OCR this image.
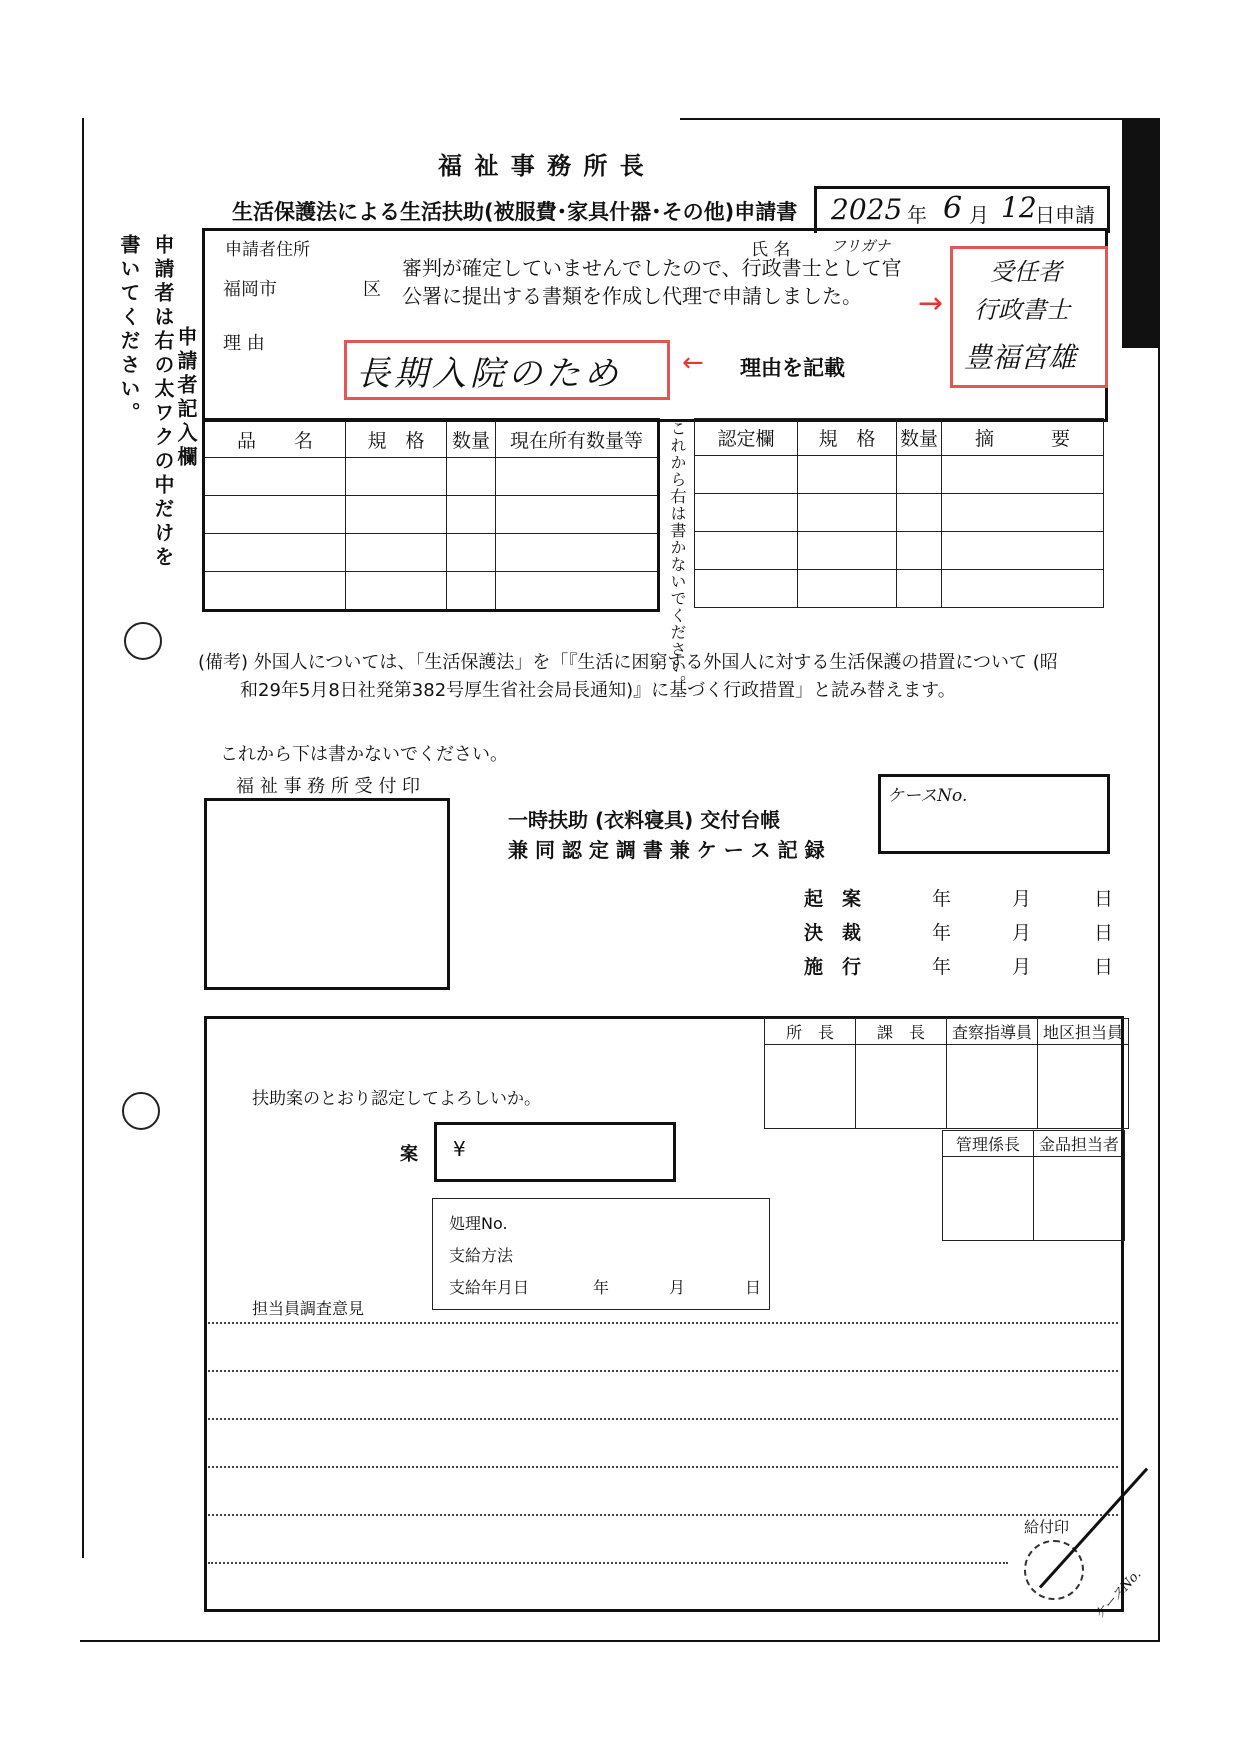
福 祉 事 務 所 長
生活保護法による生活扶助(被服費･家具什器･その他)申請書 2025 年 6 月 12
日申請
申請者は右の太ワクの中だけを書いてください。	申請者記入欄
申請者住所
福岡市	区
氏 名	フリガナ
理 由
審判が確定していませんでしたので、行政書士として官公署に提出する書類を作成し代理で申請しました。	→
長期入院のため ← 理由を記載
受任者
行政書士
豊福宮雄
品　　名	規　格	数量	現在所有数量等

			これから右は書かないでください。 認定欄	規　格	数量	摘　　　要

(備考) 外国人については、「生活保護法」を「『生活に困窮する外国人に対する生活保護の措置について (昭
和29年5月8日社発第382号厚生省社会局長通知)』に基づく行政措置」と読み替えます。
これから下は書かないでください。
福 祉 事 務 所 受 付 印
一時扶助 (衣料寝具) 交付台帳
兼 同 認 定 調 書 兼 ケ ー ス 記 録
ケースNo.
起　案	年	月	日
決　裁	年	月	日
施　行	年	月	日
所　長	課　長	査察指導員	地区担当員

管理係長	金品担当者

扶助案のとおり認定してよろしいか。
案 ¥
処理No.
支給方法
支給年月日	年	月	日
担当員調査意見
給付印
ケースNo.
